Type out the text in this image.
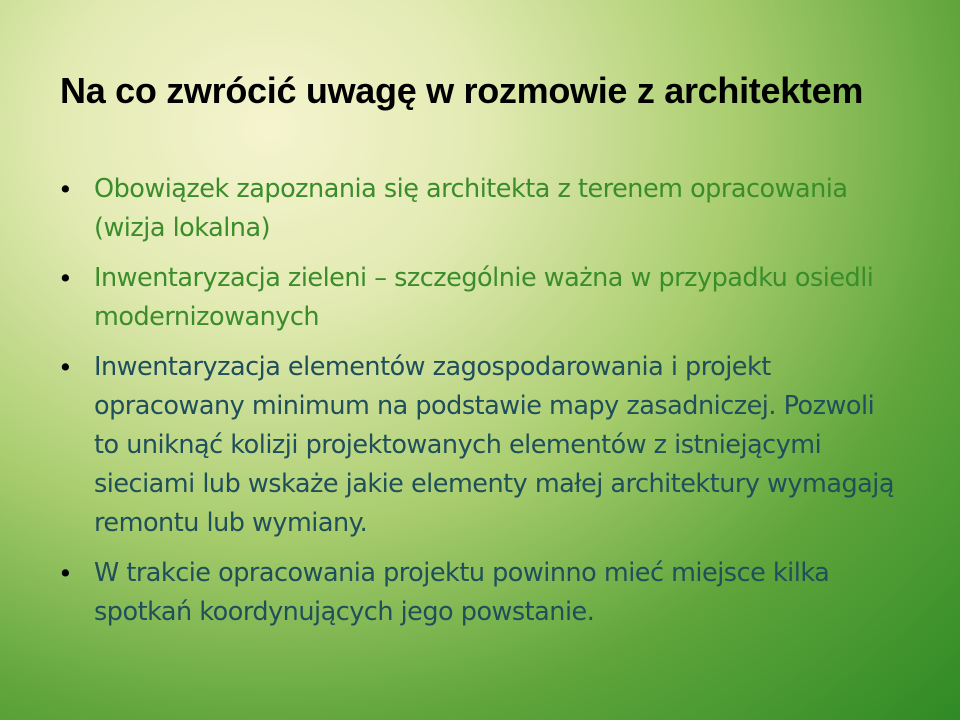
Na co zwrócić uwagę w rozmowie z architektem
• Obowiązek zapoznania się architekta z terenem opracowania (wizja lokalna)
• Inwentaryzacja zieleni – szczególnie ważna w przypadku osiedli modernizowanych
• Inwentaryzacja elementów zagospodarowania i projekt opracowany minimum na podstawie mapy zasadniczej. Pozwoli to uniknąć kolizji projektowanych elementów z istniejącymi sieciami lub wskaże jakie elementy małej architektury wymagają remontu lub wymiany.
• W trakcie opracowania projektu powinno mieć miejsce kilka spotkań koordynujących jego powstanie.
